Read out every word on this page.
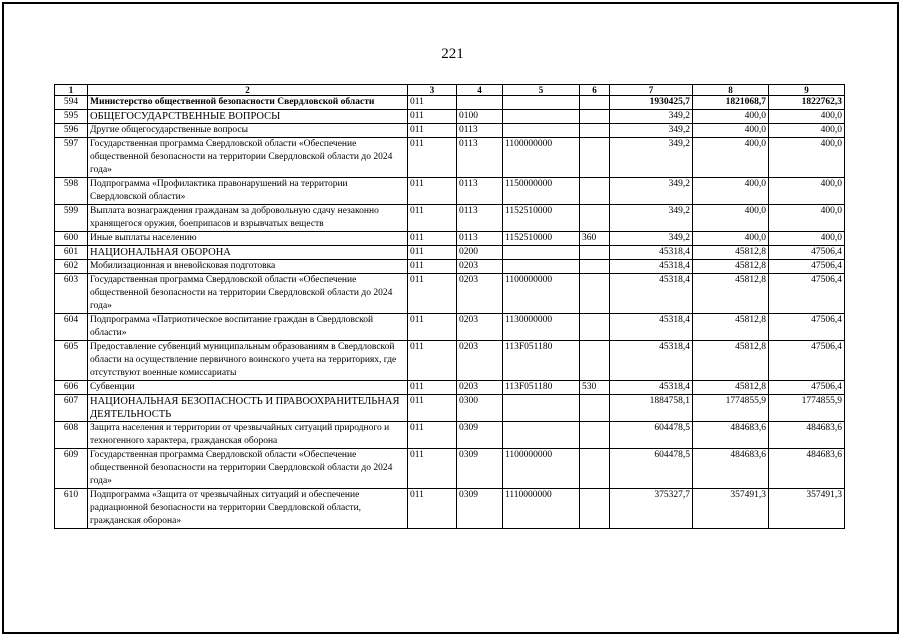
221
1	2	3	4	5	6	7	8	9
594	Министерство общественной безопасности Свердловской области	011				1930425,7	1821068,7	1822762,3
595	ОБЩЕГОСУДАРСТВЕННЫЕ ВОПРОСЫ	011	0100			349,2	400,0	400,0
596	Другие общегосударственные вопросы	011	0113			349,2	400,0	400,0
597	Государственная программа Свердловской области «Обеспечение общественной безопасности на территории Свердловской области до 2024 года»	011	0113	1100000000		349,2	400,0	400,0
598	Подпрограмма «Профилактика правонарушений на территории Свердловской области»	011	0113	1150000000		349,2	400,0	400,0
599	Выплата вознаграждения гражданам за добровольную сдачу незаконно хранящегося оружия, боеприпасов и взрывчатых веществ	011	0113	1152510000		349,2	400,0	400,0
600	Иные выплаты населению	011	0113	1152510000	360	349,2	400,0	400,0
601	НАЦИОНАЛЬНАЯ ОБОРОНА	011	0200			45318,4	45812,8	47506,4
602	Мобилизационная и вневойсковая подготовка	011	0203			45318,4	45812,8	47506,4
603	Государственная программа Свердловской области «Обеспечение общественной безопасности на территории Свердловской области до 2024 года»	011	0203	1100000000		45318,4	45812,8	47506,4
604	Подпрограмма «Патриотическое воспитание граждан в Свердловской области»	011	0203	1130000000		45318,4	45812,8	47506,4
605	Предоставление субвенций муниципальным образованиям в Свердловской области на осуществление первичного воинского учета на территориях, где отсутствуют военные комиссариаты	011	0203	113F051180		45318,4	45812,8	47506,4
606	Субвенции	011	0203	113F051180	530	45318,4	45812,8	47506,4
607	НАЦИОНАЛЬНАЯ БЕЗОПАСНОСТЬ И ПРАВООХРАНИТЕЛЬНАЯ ДЕЯТЕЛЬНОСТЬ	011	0300			1884758,1	1774855,9	1774855,9
608	Защита населения и территории от чрезвычайных ситуаций природного и техногенного характера, гражданская оборона	011	0309			604478,5	484683,6	484683,6
609	Государственная программа Свердловской области «Обеспечение общественной безопасности на территории Свердловской области до 2024 года»	011	0309	1100000000		604478,5	484683,6	484683,6
610	Подпрограмма «Защита от чрезвычайных ситуаций и обеспечение радиационной безопасности на территории Свердловской области, гражданская оборона»	011	0309	1110000000		375327,7	357491,3	357491,3
